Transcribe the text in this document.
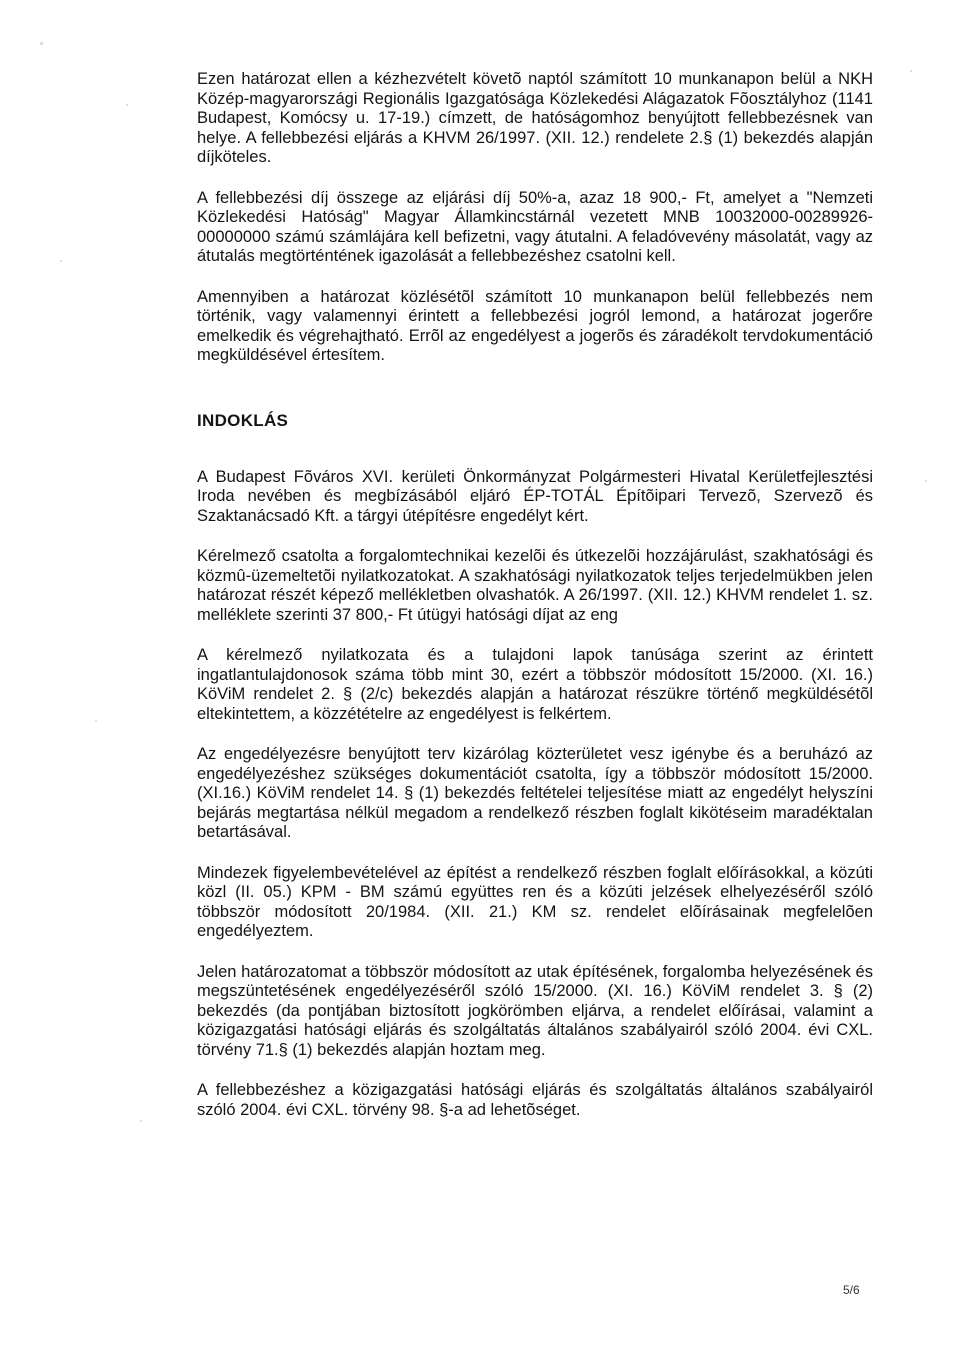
Ezen határozat ellen a kézhezvételt követõ naptól számított 10 munkanapon belül a NKH Közép-magyarországi Regionális Igazgatósága Közlekedési Alágazatok Fõosztályhoz (1141 Budapest, Komócsy u. 17-19.) címzett, de hatóságomhoz benyújtott fellebbezésnek van helye. A fellebbezési eljárás a KHVM 26/1997. (XII. 12.) rendelete 2.§ (1) bekezdés alapján díjköteles.

A fellebbezési díj összege az eljárási díj 50%-a, azaz 18 900,- Ft, amelyet a "Nemzeti Közlekedési Hatóság" Magyar Államkincstárnál vezetett MNB 10032000-00289926-00000000 számú számlájára kell befizetni, vagy átutalni. A feladóvevény másolatát, vagy az átutalás megtörténtének igazolását a fellebbezéshez csatolni kell.

Amennyiben a határozat közlésétõl számított 10 munkanapon belül fellebbezés nem történik, vagy valamennyi érintett a fellebbezési jogról lemond, a határozat jogerőre emelkedik és végrehajtható. Errõl az engedélyest a jogerõs és záradékolt tervdokumentáció megküldésével értesítem.

INDOKLÁS

A Budapest Fõváros XVI. kerületi Önkormányzat Polgármesteri Hivatal Kerületfejlesztési Iroda nevében és megbízásából eljáró ÉP-TOTÁL Építõipari Tervezõ, Szervezõ és Szaktanácsadó Kft. a tárgyi útépítésre engedélyt kért.

Kérelmező csatolta a forgalomtechnikai kezelõi és útkezelõi hozzájárulást, szakhatósági és közmû-üzemeltetõi nyilatkozatokat. A szakhatósági nyilatkozatok teljes terjedelmükben jelen határozat részét képező mellékletben olvashatók. A 26/1997. (XII. 12.) KHVM rendelet 1. sz. melléklete szerinti 37 800,- Ft útügyi hatósági díjat az eng

A kérelmező nyilatkozata és a tulajdoni lapok tanúsága szerint az érintett ingatlantulajdonosok száma több mint 30, ezért a többször módosított 15/2000. (XI. 16.) KöViM rendelet 2. § (2/c) bekezdés alapján a határozat részükre történő megküldésétõl eltekintettem, a közzétételre az engedélyest is felkértem.

Az engedélyezésre benyújtott terv kizárólag közterületet vesz igénybe és a beruházó az engedélyezéshez szükséges dokumentációt csatolta, így a többször módosított 15/2000. (XI.16.) KöViM rendelet 14. § (1) bekezdés feltételei teljesítése miatt az engedélyt helyszíni bejárás megtartása nélkül megadom a rendelkező részben foglalt kikötéseim maradéktalan betartásával.

Mindezek figyelembevételével az építést a rendelkező részben foglalt előírásokkal, a közúti közl (II. 05.) KPM - BM számú együttes ren és a közúti jelzések elhelyezéséről szóló többször módosított 20/1984. (XII. 21.) KM sz. rendelet elõírásainak megfelelõen engedélyeztem.

Jelen határozatomat a többször módosított az utak építésének, forgalomba helyezésének és megszüntetésének engedélyezéséről szóló 15/2000. (XI. 16.) KöViM rendelet 3. § (2) bekezdés (da pontjában biztosított jogkörömben eljárva, a rendelet előírásai, valamint a közigazgatási hatósági eljárás és szolgáltatás általános szabályairól szóló 2004. évi CXL. törvény 71.§ (1) bekezdés alapján hoztam meg.

A fellebbezéshez a közigazgatási hatósági eljárás és szolgáltatás általános szabályairól szóló 2004. évi CXL. törvény 98. §-a ad lehetõséget.

5/6
